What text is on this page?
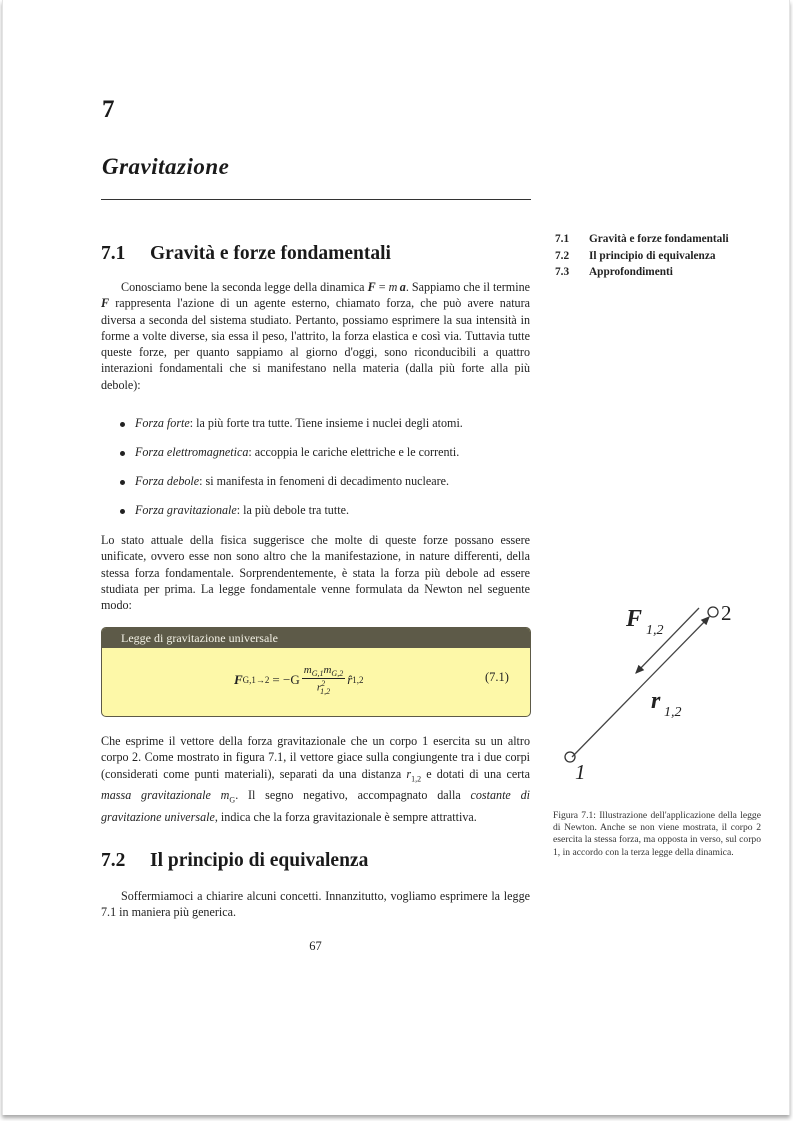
7
Gravitazione
7.1 Gravità e forze fondamentali
7.2 Il principio di equivalenza
7.3 Approfondimenti
7.1 Gravità e forze fondamentali

Conosciamo bene la seconda legge della dinamica F = m  a. Sappiamo che il termine F rappresenta l'azione di un agente esterno, chiamato forza, che può avere natura diversa a seconda del sistema studiato. Pertanto, possiamo esprimere la sua intensità in forme a volte diverse, sia essa il peso, l'attrito, la forza elastica e così via. Tuttavia tutte queste forze, per quanto sappiamo al giorno d'oggi, sono riconducibili a quattro interazioni fondamentali che si manifestano nella materia (dalla più forte alla più debole):

Forza forte: la più forte tra tutte. Tiene insieme i nuclei degli atomi.
Forza elettromagnetica: accoppia le cariche elettriche e le correnti.
Forza debole: si manifesta in fenomeni di decadimento nucleare.
Forza gravitazionale: la più debole tra tutte.

Lo stato attuale della fisica suggerisce che molte di queste forze possano essere unificate, ovvero esse non sono altro che la manifestazione, in nature differenti, della stessa forza fondamentale. Sorprendentemente, è stata la forza più debole ad essere studiata per prima. La legge fondamentale venne formulata da Newton nel seguente modo:

Legge di gravitazione universale
F $G,1\to 2 = -G \frac{m_{G,1}m_{G,2}}{r^2_{1,2}}$ r̂ 1,2	(7.1)

Che esprime il vettore della forza gravitazionale che un corpo 1 esercita su un altro corpo 2. Come mostrato in figura 7.1, il vettore giace sulla congiungente tra i due corpi (considerati come punti materiali), separati da una distanza $r_{1,2}$ e dotati di una certa massa gravitazionale $m_G$. Il segno negativo, accompagnato dalla costante di gravitazione universale, indica che la forza gravitazionale è sempre attrattiva.

7.2 Il principio di equivalenza

Soffermiamoci a chiarire alcuni concetti. Innanzitutto, vogliamo esprimere la legge 7.1 in maniera più generica.

67
F 1,2
r 1,2
2
1
Figura 7.1: Illustrazione dell'applicazione della legge di Newton. Anche se non viene mostrata, il corpo 2 esercita la stessa forza, ma opposta in verso, sul corpo 1, in accordo con la terza legge della dinamica.
